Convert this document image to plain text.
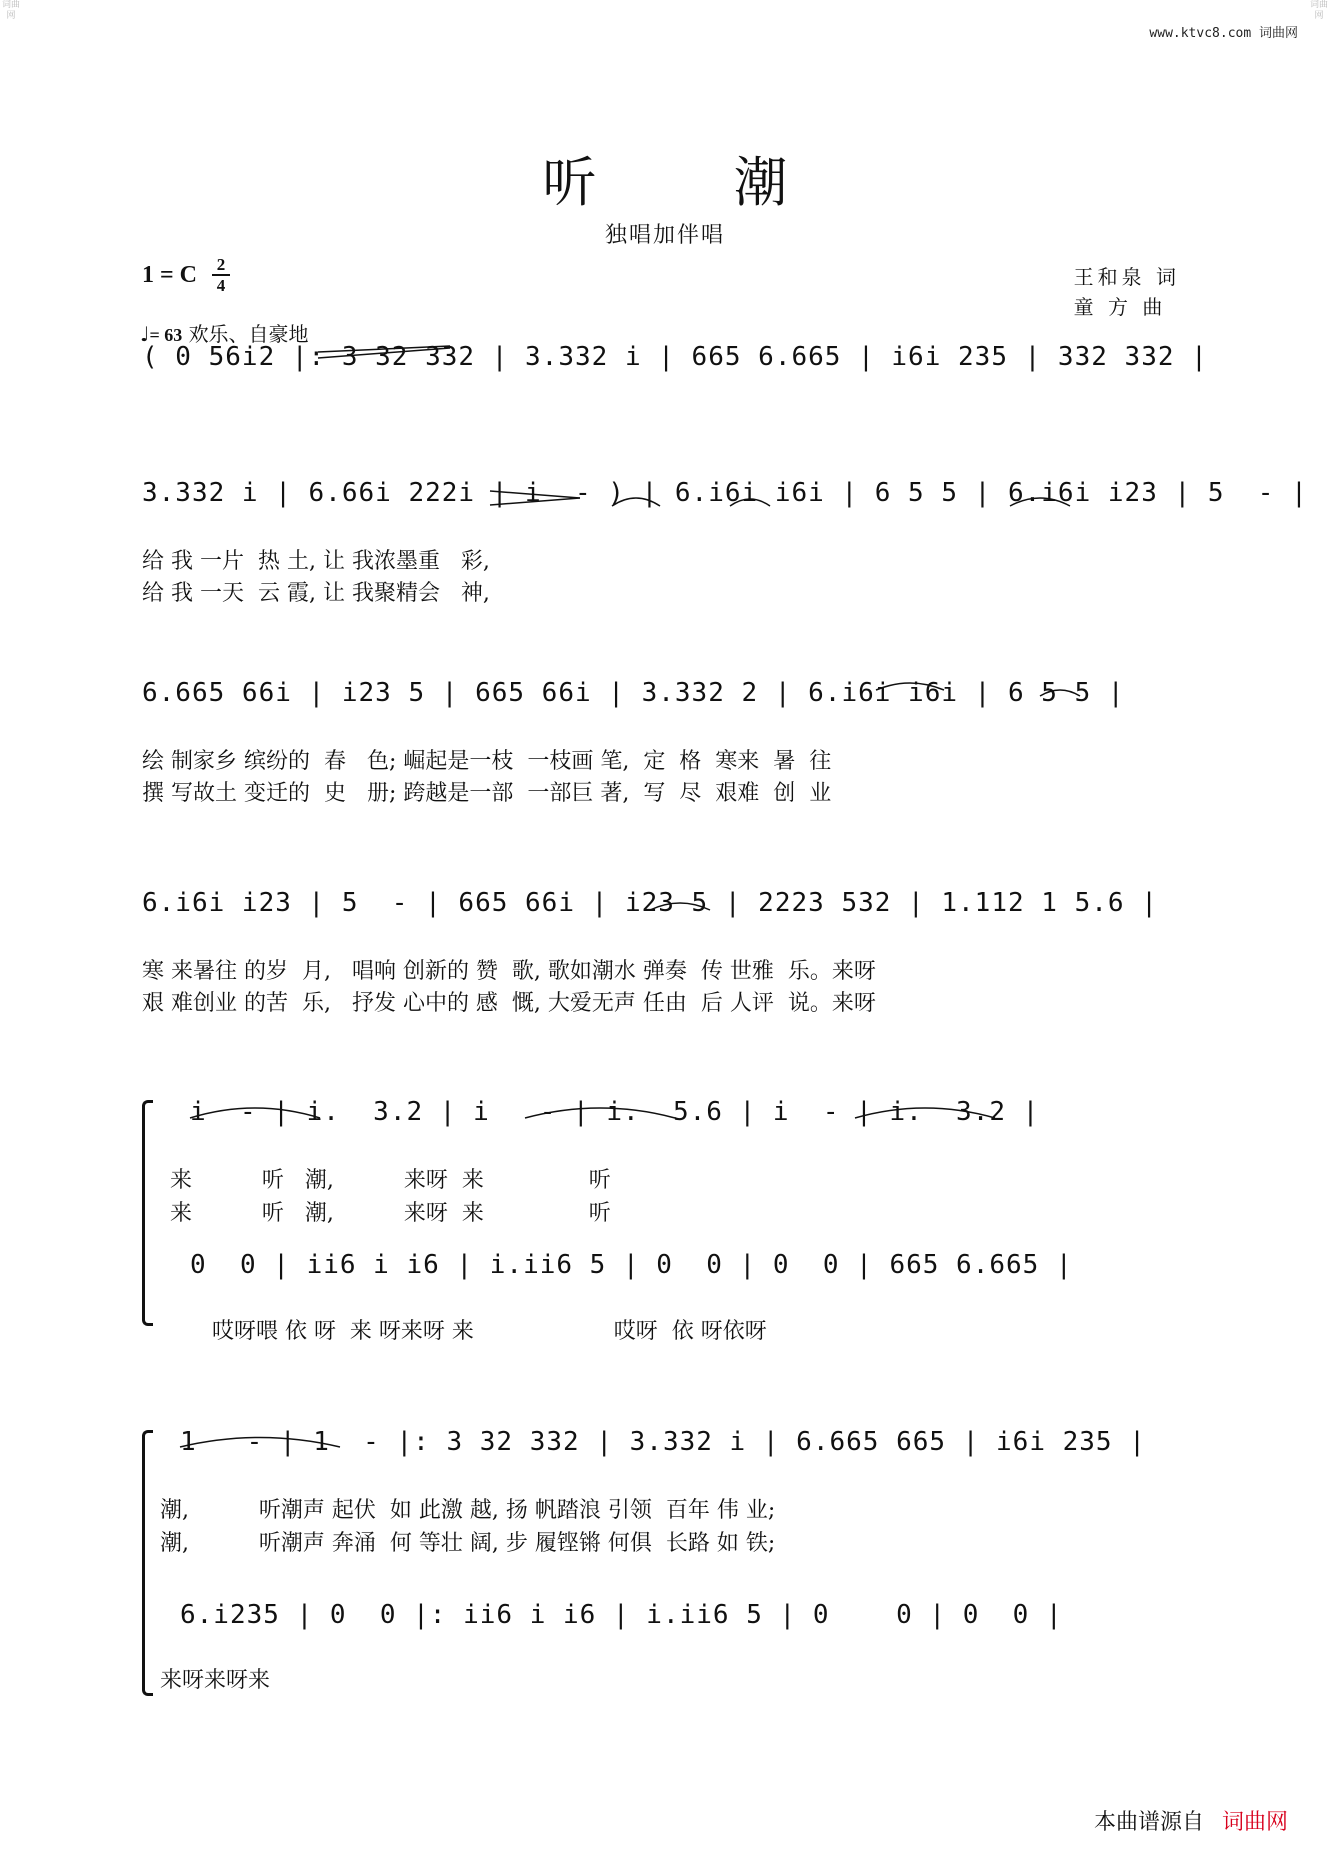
词曲网
词曲网
www.ktvc8.com 词曲网
听 潮
独唱加伴唱
1 = C 2
4
♩= 63 欢乐、自豪地
王和泉 词
童 方 曲
( 0 56i2 |: 3 32 332 | 3.332 i | 665 6.665 | i6i 235 | 332 332 |
3.332 i | 6.66i 222i | i  - ) | 6.i6i i6i | 6 5 5 | 6.i6i i23 | 5  - |
给 我 一片  热 土, 让 我浓墨重   彩,
给 我 一天  云 霞, 让 我聚精会   神,
6.665 66i | i23 5 | 665 66i | 3.332 2 | 6.i6i i6i | 6 5 5 |
绘 制家乡 缤纷的  春   色; 崛起是一枝  一枝画 笔,  定  格  寒来  暑  往
撰 写故土 变迁的  史   册; 跨越是一部  一部巨 著,  写  尽  艰难  创  业
6.i6i i23 | 5  - | 665 66i | i23 5 | 2223 532 | 1.112 1 5.6 |
寒 来暑往 的岁  月,   唱响 创新的 赞  歌, 歌如潮水 弹奏  传 世雅  乐。来呀
艰 难创业 的苦  乐,   抒发 心中的 感  慨, 大爱无声 任由  后 人评  说。来呀
i  - | i.  3.2 | i   - | i.  5.6 | i  - | i.  3.2 |
来          听   潮,          来呀  来               听
来          听   潮,          来呀  来               听
0  0 | ii6 i i6 | i.ii6 5 | 0  0 | 0  0 | 665 6.665 |
哎呀喂 依 呀  来 呀来呀 来                    哎呀  依 呀依呀
1   - | 1  - |: 3 32 332 | 3.332 i | 6.665 665 | i6i 235 |
潮,          听潮声 起伏  如 此激 越, 扬 帆踏浪 引领  百年 伟 业;
潮,          听潮声 奔涌  何 等壮 阔, 步 履铿锵 何俱  长路 如 铁;
6.i235 | 0  0 |: ii6 i i6 | i.ii6 5 | 0    0 | 0  0 |
来呀来呀来
本曲谱源自 词曲网
